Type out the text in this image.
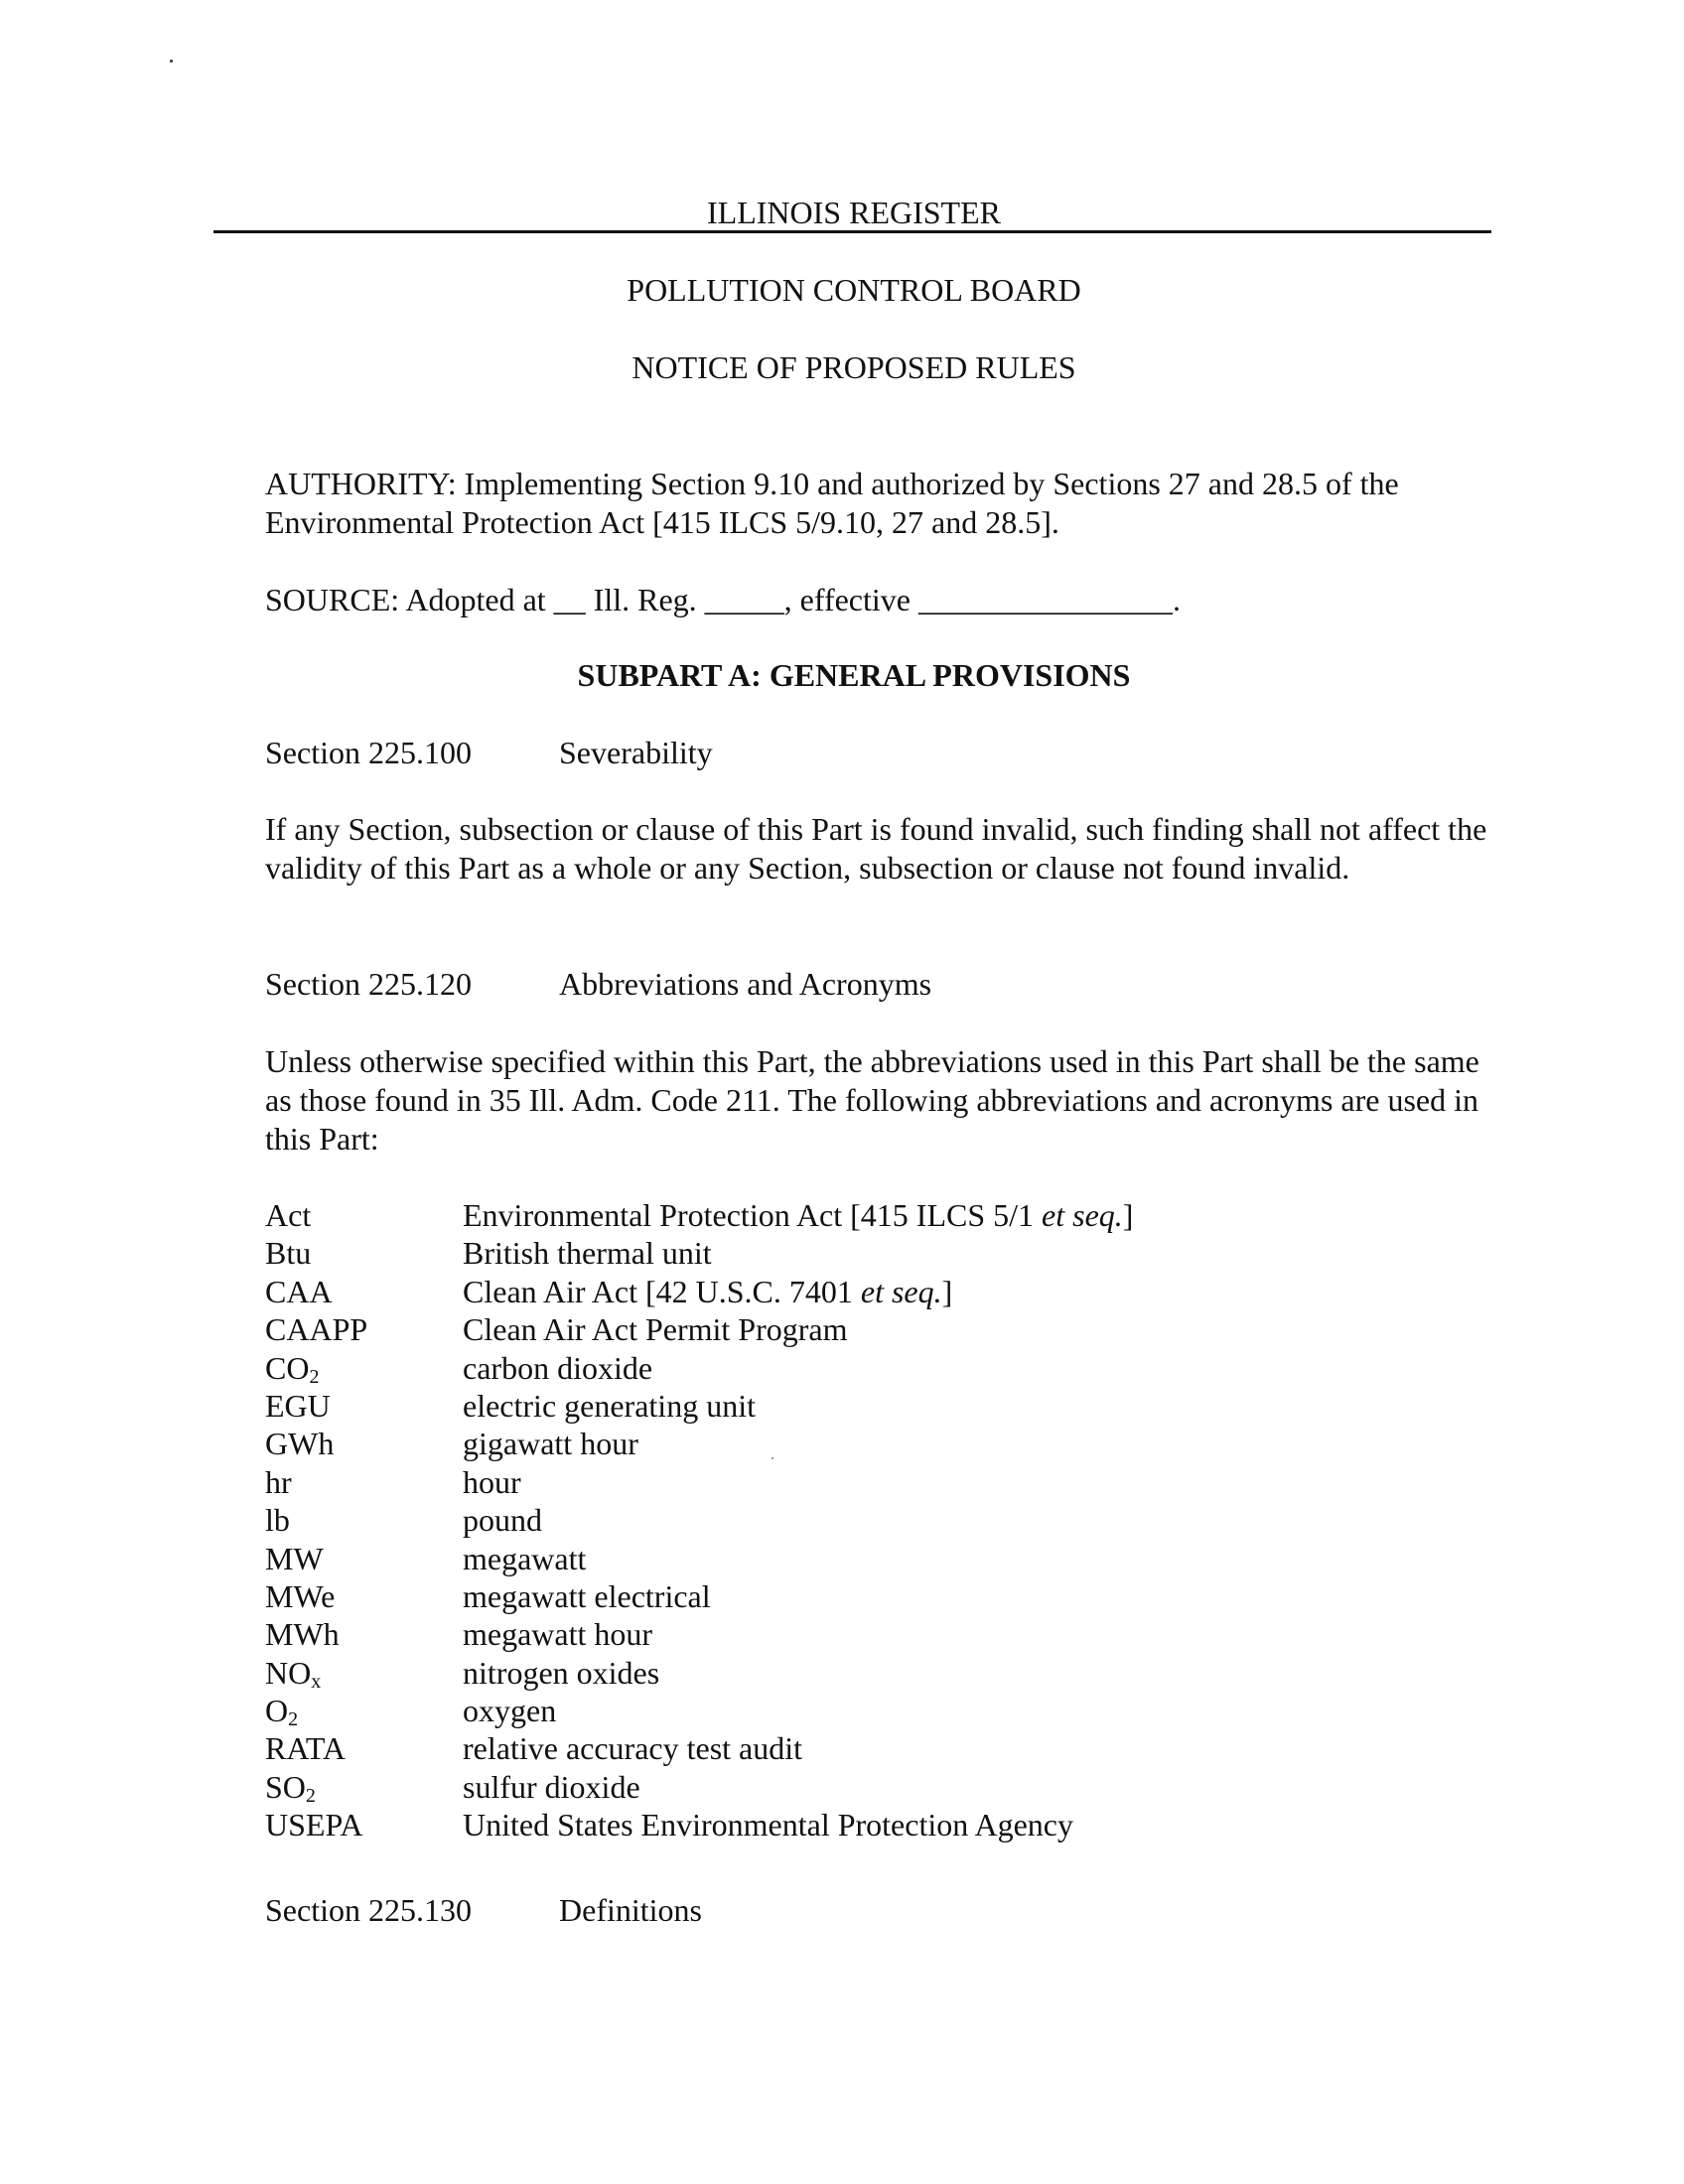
ILLINOIS REGISTER
POLLUTION CONTROL BOARD
NOTICE OF PROPOSED RULES
AUTHORITY: Implementing Section 9.10 and authorized by Sections 27 and 28.5 of the Environmental Protection Act [415 ILCS 5/9.10, 27 and 28.5].
SOURCE: Adopted at __ Ill. Reg. _____, effective ________________.
SUBPART A: GENERAL PROVISIONS
Section 225.100	Severability
If any Section, subsection or clause of this Part is found invalid, such finding shall not affect the validity of this Part as a whole or any Section, subsection or clause not found invalid.
Section 225.120	Abbreviations and Acronyms
Unless otherwise specified within this Part, the abbreviations used in this Part shall be the same as those found in 35 Ill. Adm. Code 211. The following abbreviations and acronyms are used in this Part:
Act	Environmental Protection Act [415 ILCS 5/1 et seq.]
Btu	British thermal unit
CAA	Clean Air Act [42 U.S.C. 7401 et seq.]
CAAPP	Clean Air Act Permit Program
$CO_2$	carbon dioxide
EGU	electric generating unit
GWh	gigawatt hour
hr	hour
lb	pound
MW	megawatt
MWe	megawatt electrical
MWh	megawatt hour
$NO_x$	nitrogen oxides
$O_2$	oxygen
RATA	relative accuracy test audit
$SO_2$	sulfur dioxide
USEPA	United States Environmental Protection Agency
Section 225.130	Definitions
